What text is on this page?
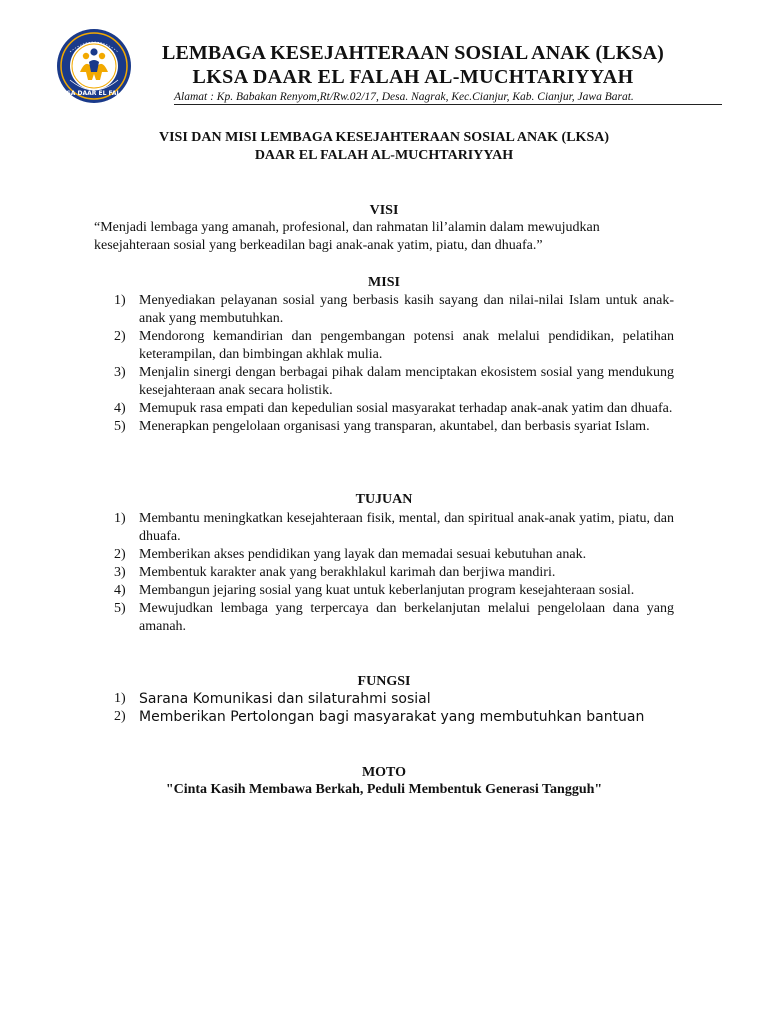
LKSA DAAR EL FALAH
LEMBAGA KESEJAHTERAAN SOSIAL ANAK (LKSA)
LKSA DAAR EL FALAH AL-MUCHTARIYYAH
Alamat : Kp. Babakan Renyom,Rt/Rw.02/17, Desa. Nagrak, Kec.Cianjur, Kab. Cianjur, Jawa Barat.
VISI DAN MISI LEMBAGA KESEJAHTERAAN SOSIAL ANAK (LKSA)
DAAR EL FALAH AL-MUCHTARIYYAH
VISI
“Menjadi lembaga yang amanah, profesional, dan rahmatan lil’alamin dalam mewujudkan
kesejahteraan sosial yang berkeadilan bagi anak-anak yatim, piatu, dan dhuafa.”
MISI
1) Menyediakan pelayanan sosial yang berbasis kasih sayang dan nilai-nilai Islam untuk anak-anak yang membutuhkan.
2) Mendorong kemandirian dan pengembangan potensi anak melalui pendidikan, pelatihan keterampilan, dan bimbingan akhlak mulia.
3) Menjalin sinergi dengan berbagai pihak dalam menciptakan ekosistem sosial yang mendukung kesejahteraan anak secara holistik.
4) Memupuk rasa empati dan kepedulian sosial masyarakat terhadap anak-anak yatim dan dhuafa.
5) Menerapkan pengelolaan organisasi yang transparan, akuntabel, dan berbasis syariat Islam.
TUJUAN
1) Membantu meningkatkan kesejahteraan fisik, mental, dan spiritual anak-anak yatim, piatu, dan dhuafa.
2) Memberikan akses pendidikan yang layak dan memadai sesuai kebutuhan anak.
3) Membentuk karakter anak yang berakhlakul karimah dan berjiwa mandiri.
4) Membangun jejaring sosial yang kuat untuk keberlanjutan program kesejahteraan sosial.
5) Mewujudkan lembaga yang terpercaya dan berkelanjutan melalui pengelolaan dana yang amanah.
FUNGSI
1) Sarana Komunikasi dan silaturahmi sosial
2) Memberikan Pertolongan bagi masyarakat yang membutuhkan bantuan
MOTO
"Cinta Kasih Membawa Berkah, Peduli Membentuk Generasi Tangguh"
